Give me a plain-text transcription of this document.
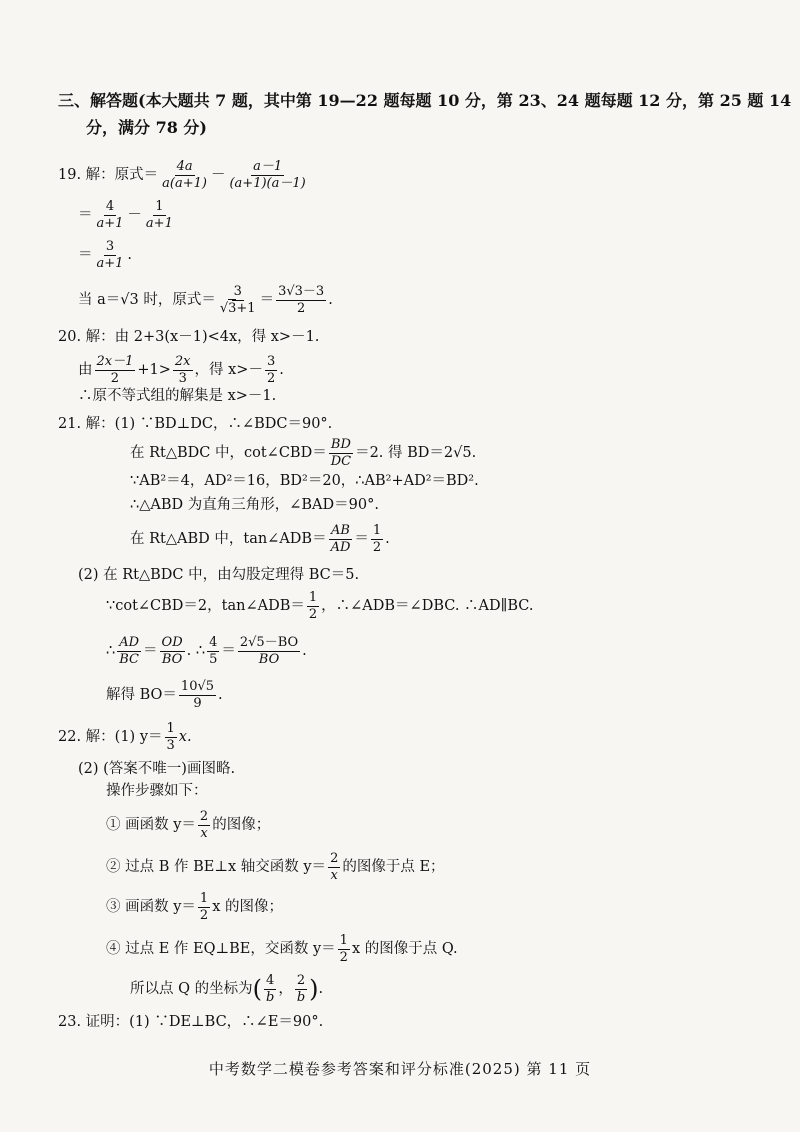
三、解答题(本大题共 7 题，其中第 19—22 题每题 10 分，第 23、24 题每题 12 分，第 25 题 14
分，满分 78 分)
19. 解：原式＝ $\frac{4a}{a(a+1)} - \frac{a-1}{(a+1)(a-1)}$
＝ $\frac{4}{a+1} - \frac{1}{a+1}$
＝ $\frac{3}{a+1}$ .
当 a＝√3 时，原式＝ $\frac{3}{√3+1} = \frac{3√3-3}{2}$ .
20. 解：由 2+3(x－1)<4x，得 x>－1.
由 $\frac{2x-1}{2} +1> \frac{2x}{3}$ ，得 $x>- \frac{3}{2}$ .
∴原不等式组的解集是 x>－1.
21. 解：(1) ∵BD⊥DC，∴∠BDC＝90°.
在 Rt△BDC 中，cot∠CBD＝ $\frac{BD}{DC} =2$. 得 BD＝2√5.
∵AB²＝4，AD²＝16，BD²＝20，∴AB²+AD²＝BD².
∴△ABD 为直角三角形，∠BAD＝90°.
在 Rt△ABD 中，tan∠ADB＝ $\frac{AB}{AD} = \frac{1}{2}$ .
(2) 在 Rt△BDC 中，由勾股定理得 BC＝5.
∵cot∠CBD＝2，tan∠ADB＝ $\frac{1}{2}$ ，∴∠ADB＝∠DBC. ∴AD∥BC.
∴ $\frac{AD}{BC} = \frac{OD}{BO}$ . ∴ $\frac{4}{5} = \frac{2√5-BO}{BO}$ .
解得 $BO= \frac{10√5}{9}$ .
22. 解：(1) $y= \frac{1}{3} x$.
(2) (答案不唯一)画图略.
操作步骤如下：
① 画函数 $y= \frac{2}{x}$ 的图像；
② 过点 B 作 BE⊥x 轴交函数 $y= \frac{2}{x}$ 的图像于点 E；
③ 画函数 $y= \frac{1}{2}$ x 的图像；
④ 过点 E 作 EQ⊥BE，交函数 $y= \frac{1}{2}$ x 的图像于点 Q.
所以点 Q 的坐标为( $\frac{4}{b}$ ， $\frac{2}{b}$ ).
23. 证明：(1) ∵DE⊥BC，∴∠E＝90°.
中考数学二模卷参考答案和评分标准(2025) 第 11 页
